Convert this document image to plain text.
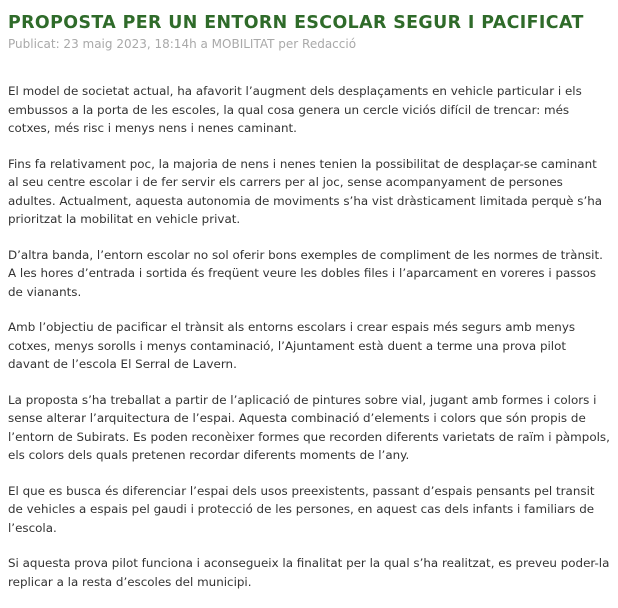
PROPOSTA PER UN ENTORN ESCOLAR SEGUR I PACIFICAT
Publicat: 23 maig 2023, 18:14h a MOBILITAT per Redacció

El model de societat actual, ha afavorit l’augment dels desplaçaments en vehicle particular i els embussos a la porta de les escoles, la qual cosa genera un cercle viciós difícil de trencar: més cotxes, més risc i menys nens i nenes caminant.

Fins fa relativament poc, la majoria de nens i nenes tenien la possibilitat de desplaçar-se caminant al seu centre escolar i de fer servir els carrers per al joc, sense acompanyament de persones adultes. Actualment, aquesta autonomia de moviments s’ha vist dràsticament limitada perquè s’ha prioritzat la mobilitat en vehicle privat.

D’altra banda, l’entorn escolar no sol oferir bons exemples de compliment de les normes de trànsit. A les hores d’entrada i sortida és freqüent veure les dobles files i l’aparcament en voreres i passos de vianants.

Amb l’objectiu de pacificar el trànsit als entorns escolars i crear espais més segurs amb menys cotxes, menys sorolls i menys contaminació, l’Ajuntament està duent a terme una prova pilot davant de l’escola El Serral de Lavern.

La proposta s’ha treballat a partir de l’aplicació de pintures sobre vial, jugant amb formes i colors i sense alterar l’arquitectura de l’espai. Aquesta combinació d’elements i colors que són propis de l’entorn de Subirats. Es poden reconèixer formes que recorden diferents varietats de raïm i pàmpols, els colors dels quals pretenen recordar diferents moments de l’any.

El que es busca és diferenciar l’espai dels usos preexistents, passant d’espais pensants pel transit de vehicles a espais pel gaudi i protecció de les persones, en aquest cas dels infants i familiars de l’escola.

Si aquesta prova pilot funciona i aconsegueix la finalitat per la qual s’ha realitzat, es preveu poder-la replicar a la resta d’escoles del municipi.
